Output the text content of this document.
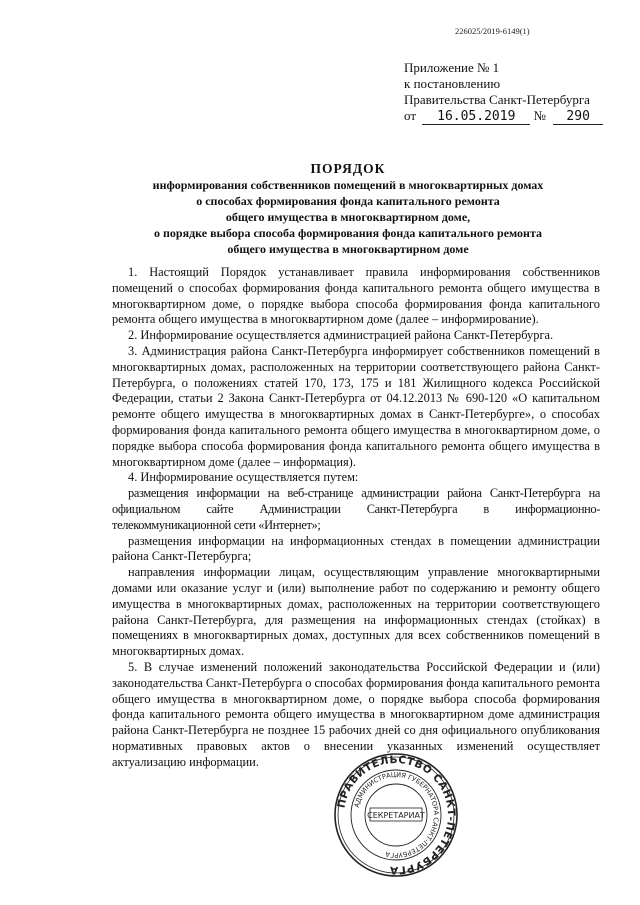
226025/2019-6149(1)
Приложение № 1
к постановлению
Правительства Санкт-Петербурга
от 16.05.2019 № 290
ПОРЯДОК
информирования собственников помещений в многоквартирных домах
о способах формирования фонда капитального ремонта
общего имущества в многоквартирном доме,
о порядке выбора способа формирования фонда капитального ремонта
общего имущества в многоквартирном доме

1. Настоящий Порядок устанавливает правила информирования собственников помещений о способах формирования фонда капитального ремонта общего имущества в многоквартирном доме, о порядке выбора способа формирования фонда капитального ремонта общего имущества в многоквартирном доме (далее – информирование).

2. Информирование осуществляется администрацией района Санкт-Петербурга.

3. Администрация района Санкт-Петербурга информирует собственников помещений в многоквартирных домах, расположенных на территории соответствующего района Санкт-Петербурга, о положениях статей 170, 173, 175 и 181 Жилищного кодекса Российской Федерации, статьи 2 Закона Санкт-Петербурга от 04.12.2013 № 690-120 «О капитальном ремонте общего имущества в многоквартирных домах в Санкт-Петербурге», о способах формирования фонда капитального ремонта общего имущества в многоквартирном доме, о порядке выбора способа формирования фонда капитального ремонта общего имущества в многоквартирном доме (далее – информация).

4. Информирование осуществляется путем:

размещения информации на веб-странице администрации района Санкт-Петербурга на официальном сайте Администрации Санкт-Петербурга в информационно-телекоммуникационной сети «Интернет»;

размещения информации на информационных стендах в помещении администрации района Санкт-Петербурга;

направления информации лицам, осуществляющим управление многоквартирными домами или оказание услуг и (или) выполнение работ по содержанию и ремонту общего имущества в многоквартирных домах, расположенных на территории соответствующего района Санкт-Петербурга, для размещения на информационных стендах (стойках) в помещениях в многоквартирных домах, доступных для всех собственников помещений в многоквартирных домах.

5. В случае изменений положений законодательства Российской Федерации и (или) законодательства Санкт-Петербурга о способах формирования фонда капитального ремонта общего имущества в многоквартирном доме, о порядке выбора способа формирования фонда капитального ремонта общего имущества в многоквартирном доме администрация района Санкт-Петербурга не позднее 15 рабочих дней со дня официального опубликования нормативных правовых актов о внесении указанных изменений осуществляет актуализацию информации.

ПРАВИТЕЛЬСТВО САНКТ-ПЕТЕРБУРГА
АДМИНИСТРАЦИЯ ГУБЕРНАТОРА САНКТ-ПЕТЕРБУРГА
СЕКРЕТАРИАТ
